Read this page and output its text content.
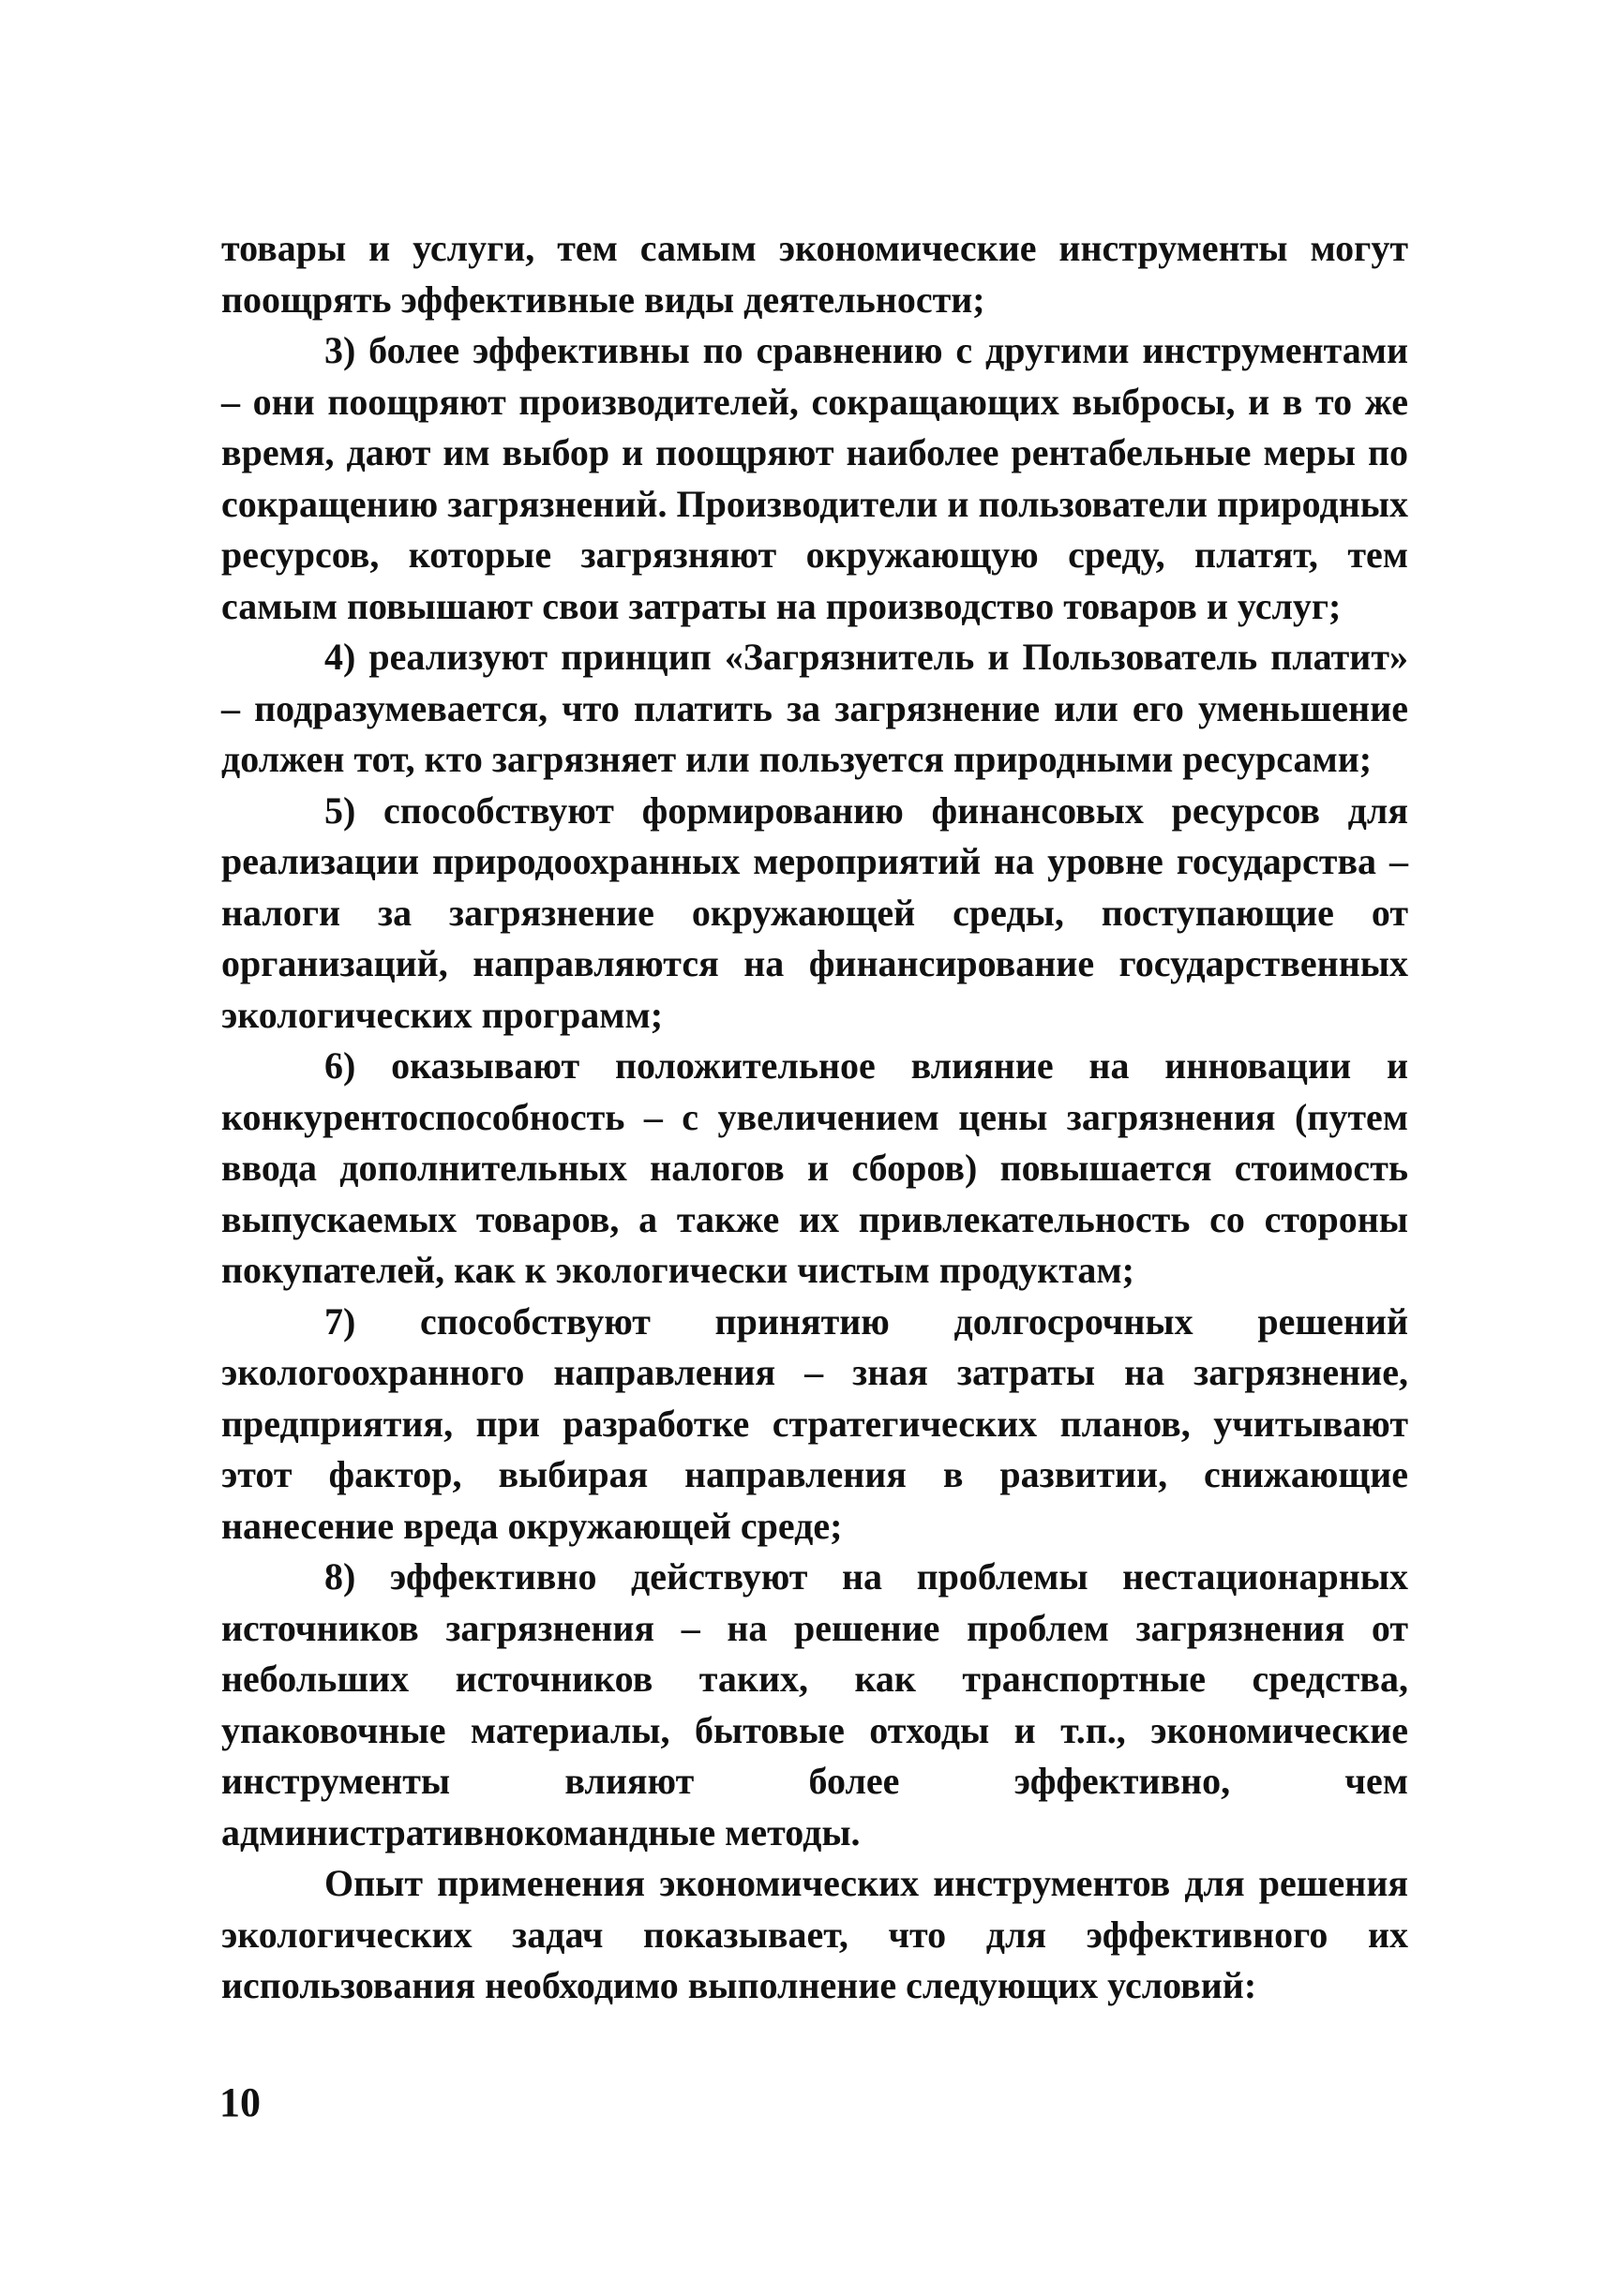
товары и услуги, тем самым экономические инструменты могут поощрять эффективные виды деятельности;

3) более эффективны по сравнению с другими инструментами – они поощряют производителей, сокращающих выбросы, и в то же время, дают им выбор и поощряют наиболее рентабельные меры по сокращению загрязнений. Производители и пользователи природных ресурсов, которые загрязняют окружающую среду, платят, тем самым повышают свои затраты на производство товаров и услуг;

4) реализуют принцип «Загрязнитель и Пользователь платит» – подразумевается, что платить за загрязнение или его уменьшение должен тот, кто загрязняет или пользуется природными ресурсами;

5) способствуют формированию финансовых ресурсов для реализации природоохранных мероприятий на уровне государства – налоги за загрязнение окружающей среды, поступающие от организаций, направляются на финансирование государственных экологических программ;

6) оказывают положительное влияние на инновации и конкурентоспособность – с увеличением цены загрязнения (путем ввода дополнительных налогов и сборов) повышается стоимость выпускаемых товаров, а также их привлекательность со стороны покупателей, как к экологически чистым продуктам;

7) способствуют принятию долгосрочных решений экологоохранного направления – зная затраты на загрязнение, предприятия, при разработке стратегических планов, учитывают этот фактор, выбирая направления в развитии, снижающие нанесение вреда окружающей среде;

8) эффективно действуют на проблемы нестационарных источников загрязнения – на решение проблем загрязнения от небольших источников таких, как транспортные средства, упаковочные материалы, бытовые отходы и т.п., экономические инструменты влияют более эффективно, чем административнокомандные методы.

Опыт применения экономических инструментов для решения экологических задач показывает, что для эффективного их использования необходимо выполнение следующих условий:

10
